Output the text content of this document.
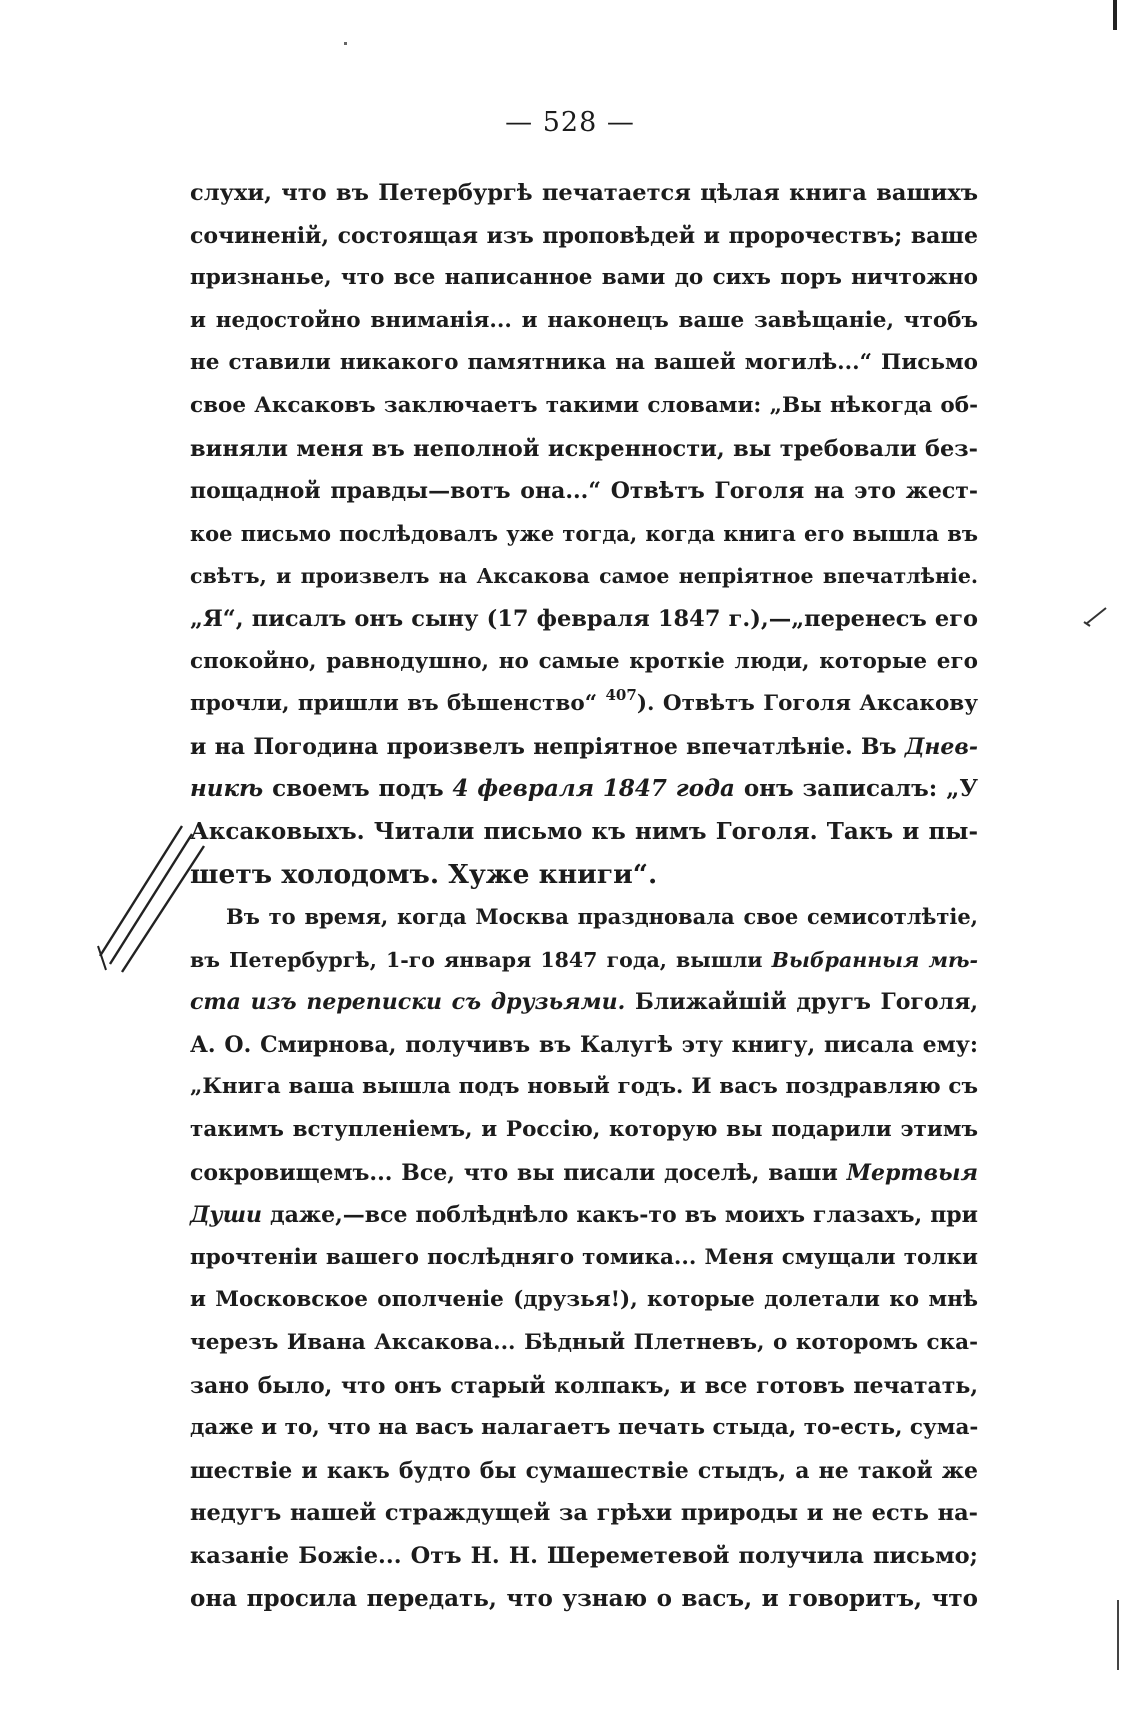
— 528 —
слухи, что въ Петербургѣ печатается цѣлая книга вашихъ
сочиненій, состоящая изъ проповѣдей и пророчествъ; ваше
признанье, что все написанное вами до сихъ поръ ничтожно
и недостойно вниманія... и наконецъ ваше завѣщаніе, чтобъ
не ставили никакого памятника на вашей могилѣ...“ Письмо
свое Аксаковъ заключаетъ такими словами: „Вы нѣкогда об-
виняли меня въ неполной искренности, вы требовали без-
пощадной правды—вотъ она...“ Отвѣтъ Гоголя на это жест-
кое письмо послѣдовалъ уже тогда, когда книга его вышла въ
свѣтъ, и произвелъ на Аксакова самое непріятное впечатлѣніе.
„Я“, писалъ онъ сыну (17 февраля 1847 г.),—„перенесъ его
спокойно, равнодушно, но самые кроткіе люди, которые его
прочли, пришли въ бѣшенство“ $^{407}$). Отвѣтъ Гоголя Аксакову
и на Погодина произвелъ непріятное впечатлѣніе. Въ Днев-
никѣ своемъ подъ 4 февраля 1847 года онъ записалъ: „У
Аксаковыхъ. Читали письмо къ нимъ Гоголя. Такъ и пы-
шетъ холодомъ. Хуже книги“.
Въ то время, когда Москва праздновала свое семисотлѣтіе,
въ Петербургѣ, 1-го января 1847 года, вышли Выбранныя мѣ-
ста изъ переписки съ друзьями. Ближайшій другъ Гоголя,
А. О. Смирнова, получивъ въ Калугѣ эту книгу, писала ему:
„Книга ваша вышла подъ новый годъ. И васъ поздравляю съ
такимъ вступленіемъ, и Россію, которую вы подарили этимъ
сокровищемъ... Все, что вы писали доселѣ, ваши Мертвыя
Души даже,—все поблѣднѣло какъ-то въ моихъ глазахъ, при
прочтеніи вашего послѣдняго томика... Меня смущали толки
и Московское ополченіе (друзья!), которые долетали ко мнѣ
черезъ Ивана Аксакова... Бѣдный Плетневъ, о которомъ ска-
зано было, что онъ старый колпакъ, и все готовъ печатать,
даже и то, что на васъ налагаетъ печать стыда, то-есть, сума-
шествіе и какъ будто бы сумашествіе стыдъ, а не такой же
недугъ нашей страждущей за грѣхи природы и не есть на-
казаніе Божіе... Отъ Н. Н. Шереметевой получила письмо;
она просила передать, что узнаю о васъ, и говоритъ, что
